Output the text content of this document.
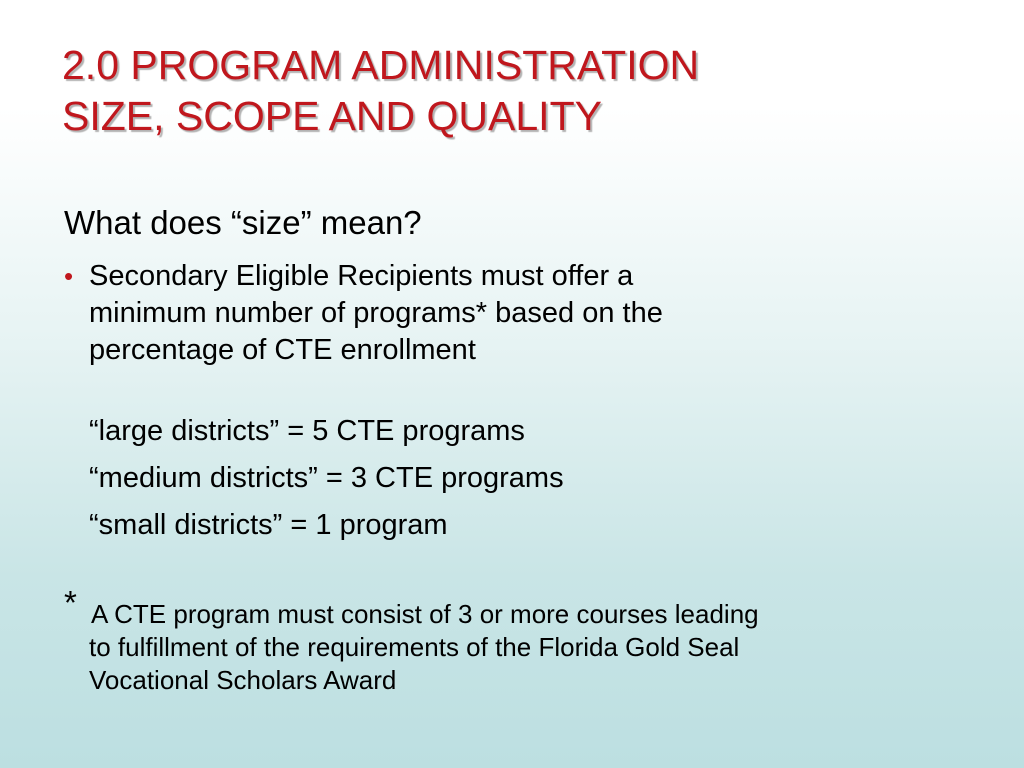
2.0 PROGRAM ADMINISTRATION
SIZE, SCOPE AND QUALITY
What does “size” mean?
• Secondary Eligible Recipients must offer a
minimum number of programs* based on the
percentage of CTE enrollment
“large districts” = 5 CTE programs
“medium districts” = 3 CTE programs
“small districts” = 1 program
* A CTE program must consist of 3 or more courses leading
to fulfillment of the requirements of the Florida Gold Seal
Vocational Scholars Award
